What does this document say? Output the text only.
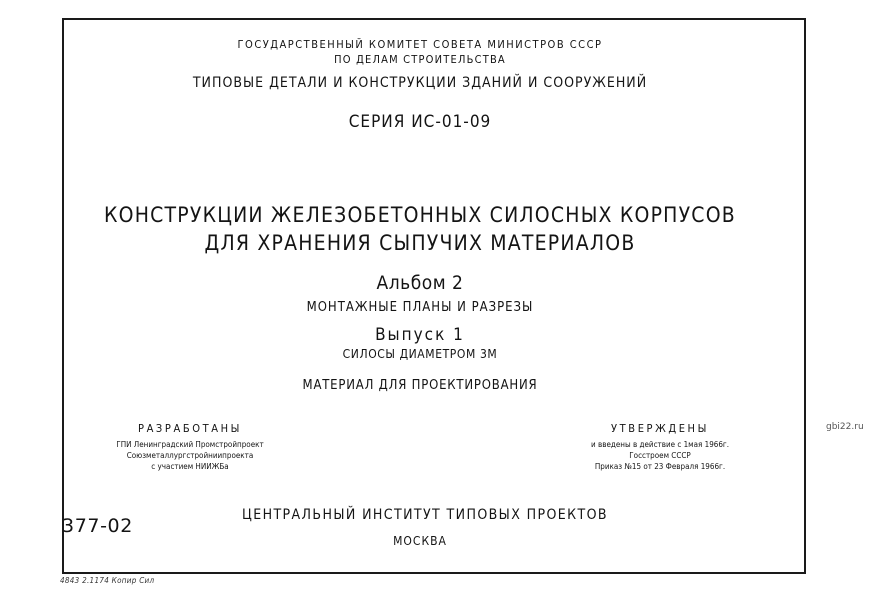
ГОСУДАРСТВЕННЫЙ КОМИТЕТ СОВЕТА МИНИСТРОВ СССР
ПО ДЕЛАМ СТРОИТЕЛЬСТВА
ТИПОВЫЕ ДЕТАЛИ И КОНСТРУКЦИИ ЗДАНИЙ И СООРУЖЕНИЙ
СЕРИЯ ИС-01-09
КОНСТРУКЦИИ ЖЕЛЕЗОБЕТОННЫХ СИЛОСНЫХ КОРПУСОВ
ДЛЯ ХРАНЕНИЯ СЫПУЧИХ МАТЕРИАЛОВ
Альбом 2
МОНТАЖНЫЕ ПЛАНЫ И РАЗРЕЗЫ
Выпуск 1
СИЛОСЫ ДИАМЕТРОМ 3М
МАТЕРИАЛ ДЛЯ ПРОЕКТИРОВАНИЯ
РАЗРАБОТАНЫ
ГПИ Ленинградский Промстройпроект
Союзметаллургстройниипроекта
с участием НИИЖБа
УТВЕРЖДЕНЫ
и введены в действие с 1мая 1966г.
Госстроем СССР
Приказ №15 от 23 Февраля 1966г.
377-02	ЦЕНТРАЛЬНЫЙ ИНСТИТУТ ТИПОВЫХ ПРОЕКТОВ
МОСКВА
4843 2.1174 Копир Сил
gbi22.ru
